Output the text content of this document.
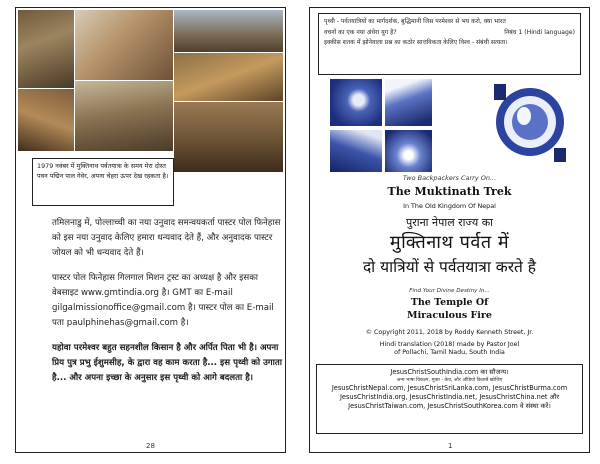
1979 नवंबर में मुक्तिनाथ पर्वतयात्रा के समय मेरा दोस्त पवन पद्मिन पाल गेवेर, अपना चेहरा ऊपर देख रहकता है।

तमिलनाडु में, पोल्लाच्ची का नया उनुवाद समन्वयकर्ता पास्टर पोल फिनेहास को इस नया उनुवाद केलिए हमारा धन्यवाद देते हैं, और अनुवादक पास्टर जोयल को भी धन्यवाद देते हैं।

पास्टर पोल फिनेहास गिलगाल मिशन ट्रस्ट का अध्यक्ष है और इसका वेबसाइट www.gmtindia.org है। GMT का E-mail gilgalmissionoffice@gmail.com है। पास्टर पोल का E-mail पता paulphinehas@gmail.com है।

यहोवा परमेश्वर बहुत सहनशील किसान है और अर्पित पिता भी है। अपना प्रिय पुत्र प्रभु ईशुमसीह, के द्वारा वह काम करता है... इस पृथ्वी को उगाता है... और अपना इच्छा के अनुसार इस पृथ्वी को आगे बदलता है।

28
पृथ्वी - पर्वतयात्रियों का मार्गदर्शक, बुद्धिमानी जिस परमेश्वर से भय करो, क्या भारत
वचनों का एक नया अंधेरा युग है?	निबंध 1 (Hindi language)
इक्कीस शतक में झोनेवाला प्रश्न का कठोर सात्तविकता केलिए विश्व - संबंधी सत्यता।
Two Backpackers Carry On...
The Muktinath Trek
In The Old Kingdom Of Nepal
पुराना नेपाल राज्य का
मुक्तिनाथ पर्वत में
दो यात्रियों से पर्वतयात्रा करते है
Find Your Divine Destiny In...
The Temple Of
Miraculous Fire
© Copyright 2011, 2018 by Roddy Kenneth Street, Jr.
Hindi translation (2018) made by Pastor Joel
of Pollachi, Tamil Nadu, South India
JesusChristSouthIndia.com का सौजन्य।
अन्य भाषा विकल्प, मुक्त - केव, और ऑडियो किताबें खोजिए
JesusChristNepal.com, JesusChristSriLanka.com, JesusChristBurma.com
JesusChristIndia.org, JesusChristIndia.net, JesusChristChina.net और
JesusChristTaiwan.com, JesusChristSouthKorea.com वे संस्था करें।
1
